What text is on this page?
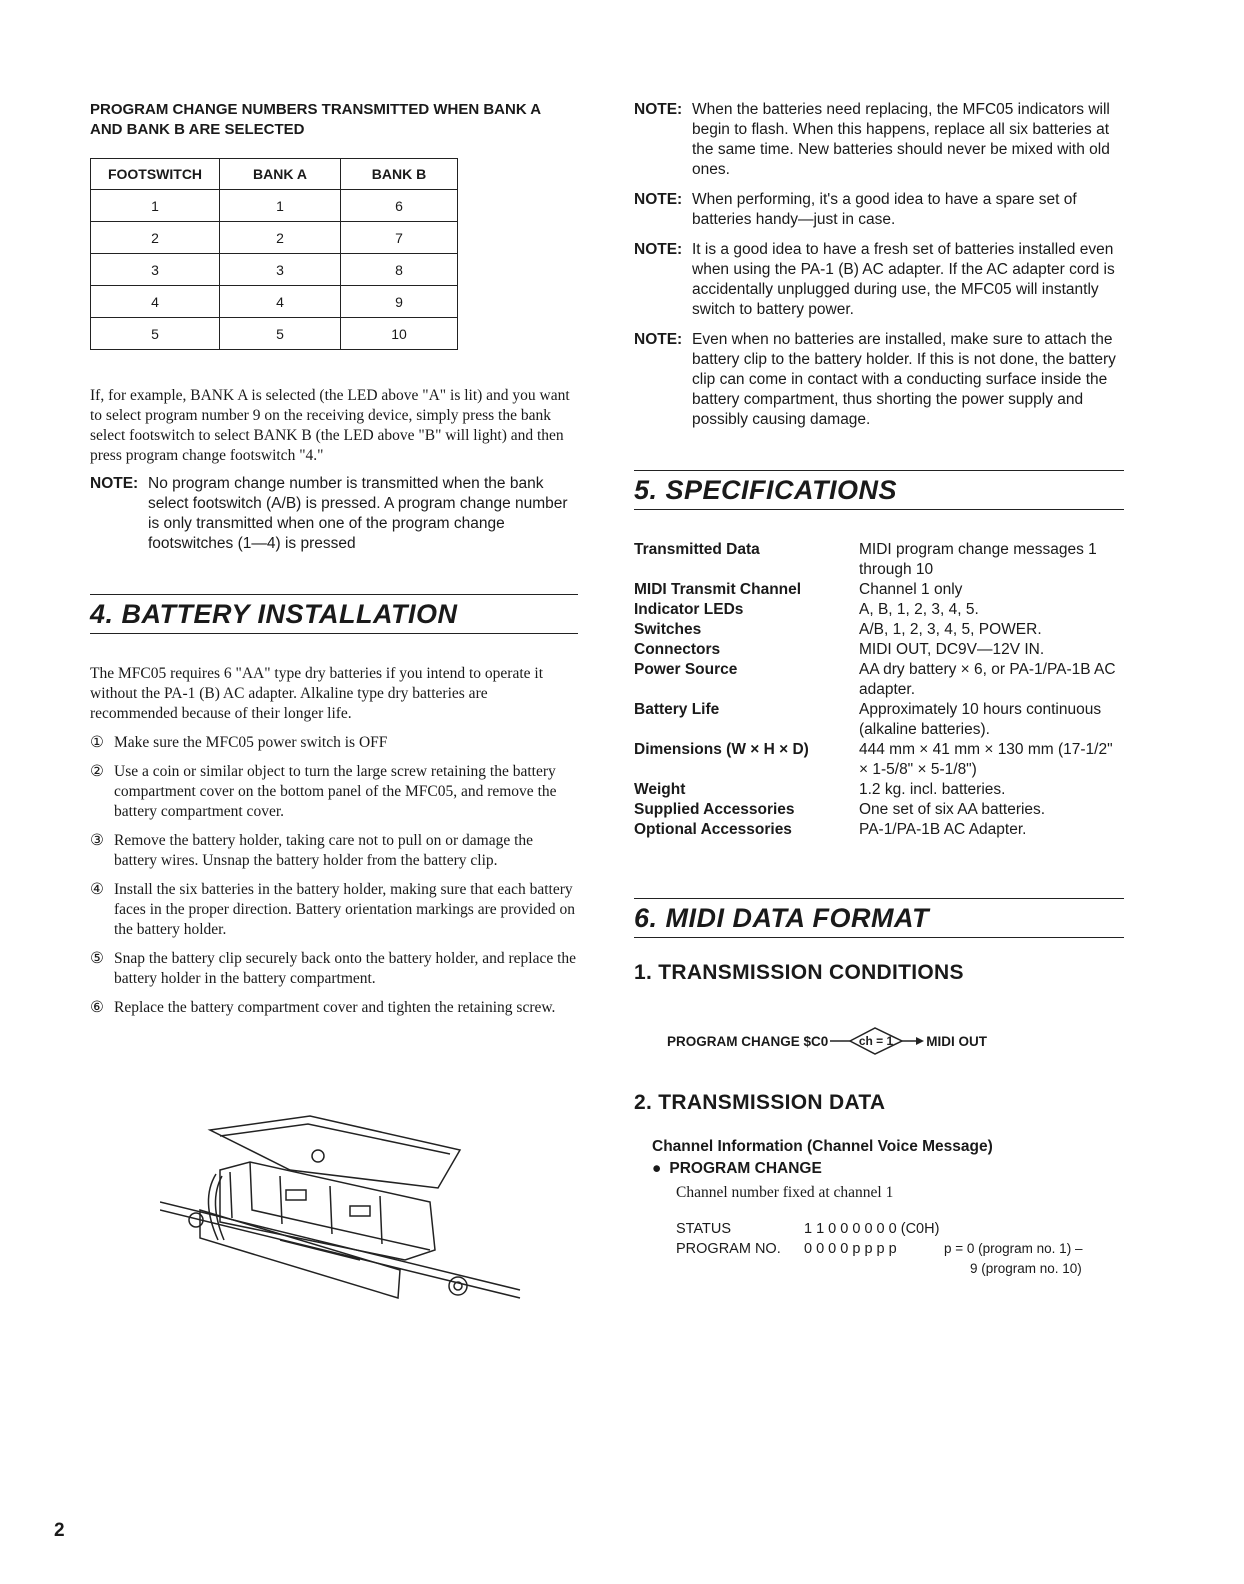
PROGRAM CHANGE NUMBERS TRANSMITTED WHEN BANK A AND BANK B ARE SELECTED
FOOTSWITCH	BANK A	BANK B
1	1	6
2	2	7
3	3	8
4	4	9
5	5	10

If, for example, BANK A is selected (the LED above "A" is lit) and you want to select program number 9 on the receiving device, simply press the bank select footswitch to select BANK B (the LED above "B" will light) and then press program change footswitch "4."

NOTE: No program change number is transmitted when the bank select footswitch (A/B) is pressed. A program change number is only transmitted when one of the program change footswitches (1—4) is pressed
4. BATTERY INSTALLATION

The MFC05 requires 6 "AA" type dry batteries if you intend to operate it without the PA-1 (B) AC adapter. Alkaline type dry batteries are recommended because of their longer life.

① Make sure the MFC05 power switch is OFF
② Use a coin or similar object to turn the large screw retaining the battery compartment cover on the bottom panel of the MFC05, and remove the battery compartment cover.
③ Remove the battery holder, taking care not to pull on or damage the battery wires. Unsnap the battery holder from the battery clip.
④ Install the six batteries in the battery holder, making sure that each battery faces in the proper direction. Battery orientation markings are provided on the battery holder.
⑤ Snap the battery clip securely back onto the battery holder, and replace the battery holder in the battery compartment.
⑥ Replace the battery compartment cover and tighten the retaining screw.
NOTE: When the batteries need replacing, the MFC05 indicators will begin to flash. When this happens, replace all six batteries at the same time. New batteries should never be mixed with old ones.
NOTE: When performing, it's a good idea to have a spare set of batteries handy—just in case.
NOTE: It is a good idea to have a fresh set of batteries installed even when using the PA-1 (B) AC adapter. If the AC adapter cord is accidentally unplugged during use, the MFC05 will instantly switch to battery power.
NOTE: Even when no batteries are installed, make sure to attach the battery clip to the battery holder. If this is not done, the battery clip can come in contact with a conducting surface inside the battery compartment, thus shorting the power supply and possibly causing damage.
5. SPECIFICATIONS
Transmitted Data	MIDI program change messages 1 through 10
MIDI Transmit Channel	Channel 1 only
Indicator LEDs	A, B, 1, 2, 3, 4, 5.
Switches	A/B, 1, 2, 3, 4, 5, POWER.
Connectors	MIDI OUT, DC9V—12V IN.
Power Source	AA dry battery × 6, or PA-1/PA-1B AC adapter.
Battery Life	Approximately 10 hours continuous (alkaline batteries).
Dimensions (W × H × D)	444 mm × 41 mm × 130 mm (17-1/2" × 1-5/8" × 5-1/8")
Weight	1.2 kg. incl. batteries.
Supplied Accessories	One set of six AA batteries.
Optional Accessories	PA-1/PA-1B AC Adapter.
6. MIDI DATA FORMAT
1. TRANSMISSION CONDITIONS
PROGRAM CHANGE $C0	ch = 1 MIDI OUT
2. TRANSMISSION DATA
Channel Information (Channel Voice Message)
● PROGRAM CHANGE
Channel number fixed at channel 1
STATUS	1 1 0 0 0 0 0 0 (C0H)
PROGRAM NO.	0 0 0 0 p p p p	p = 0 (program no. 1) –
9 (program no. 10)
2
